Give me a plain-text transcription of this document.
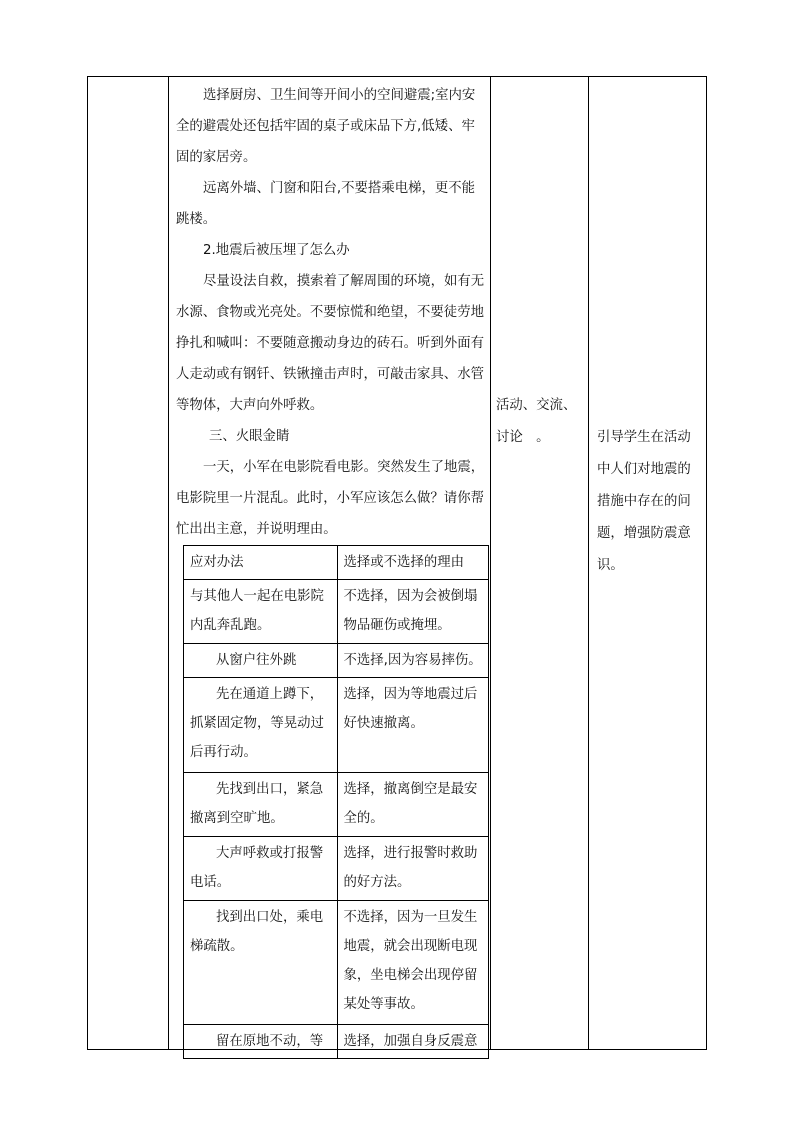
选择厨房、卫生间等开间小的空间避震;室内安全的避震处还包括牢固的桌子或床品下方,低矮、牢固的家居旁。

远离外墙、门窗和阳台,不要搭乘电梯，更不能跳楼。

2.地震后被压埋了怎么办

尽量设法自救，摸索着了解周围的环境，如有无水源、食物或光亮处。不要惊慌和绝望，不要徒劳地挣扎和喊叫：不要随意搬动身边的砖石。听到外面有人走动或有钢钎、铁锹撞击声时，可敲击家具、水管等物体，大声向外呼救。

三、火眼金睛

一天，小军在电影院看电影。突然发生了地震，电影院里一片混乱。此时，小军应该怎么做？请你帮忙出出主意，并说明理由。

应对办法	选择或不选择的理由
与其他人一起在电影院内乱奔乱跑。	不选择，因为会被倒塌物品砸伤或掩埋。

从窗户往外跳	不选择,因为容易摔伤。

先在通道上蹲下，抓紧固定物，等晃动过后再行动。	选择，因为等地震过后好快速撤离。

先找到出口，紧急撤离到空旷地。	选择，撤离倒空是最安全的。

大声呼救或打报警电话。	选择，进行报警时救助的好方法。

找到出口处，乘电梯疏散。	不选择，因为一旦发生地震，就会出现断电现象，坐电梯会出现停留某处等事故。

留在原地不动，等	选择，加强自身反震意
活动、交流、
讨论　。	引导学生在活动中人们对地震的措施中存在的问题，增强防震意识。
